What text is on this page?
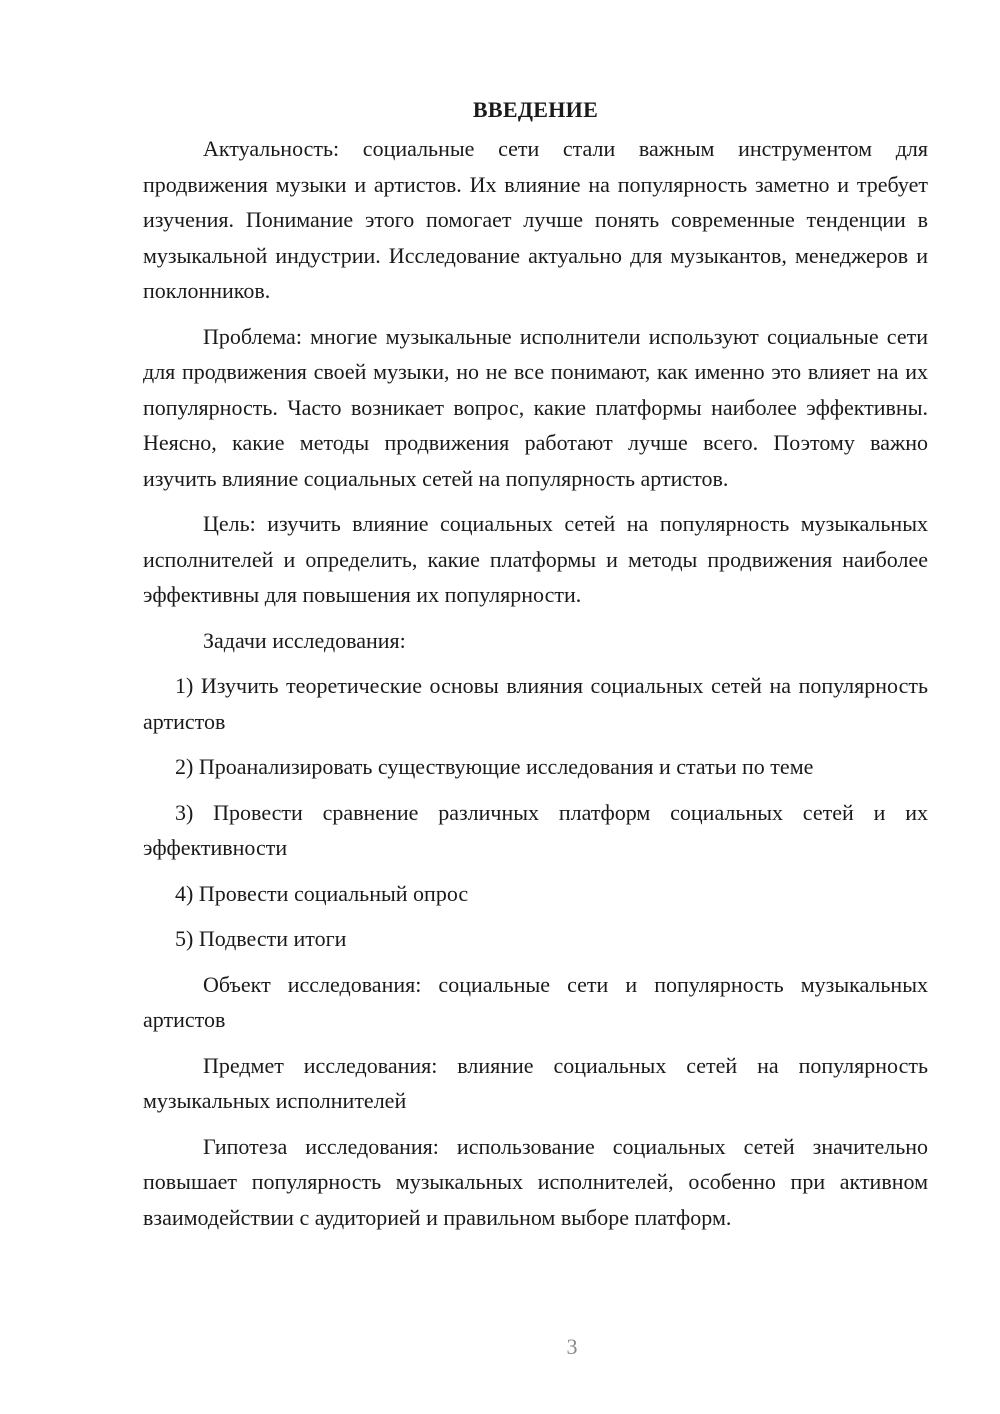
ВВЕДЕНИЕ

Актуальность: социальные сети стали важным инструментом для продвижения музыки и артистов. Их влияние на популярность заметно и требует изучения. Понимание этого помогает лучше понять современные тенденции в музыкальной индустрии. Исследование актуально для музыкантов, менеджеров и поклонников.

Проблема: многие музыкальные исполнители используют социальные сети для продвижения своей музыки, но не все понимают, как именно это влияет на их популярность. Часто возникает вопрос, какие платформы наиболее эффективны. Неясно, какие методы продвижения работают лучше всего. Поэтому важно изучить влияние социальных сетей на популярность артистов.

Цель: изучить влияние социальных сетей на популярность музыкальных исполнителей и определить, какие платформы и методы продвижения наиболее эффективны для повышения их популярности.

Задачи исследования:

1) Изучить теоретические основы влияния социальных сетей на популярность артистов

2) Проанализировать существующие исследования и статьи по теме

3) Провести сравнение различных платформ социальных сетей и их эффективности

4) Провести социальный опрос

5) Подвести итоги

Объект исследования: социальные сети и популярность музыкальных артистов

Предмет исследования: влияние социальных сетей на популярность музыкальных исполнителей

Гипотеза исследования: использование социальных сетей значительно повышает популярность музыкальных исполнителей, особенно при активном взаимодействии с аудиторией и правильном выборе платформ.

3
